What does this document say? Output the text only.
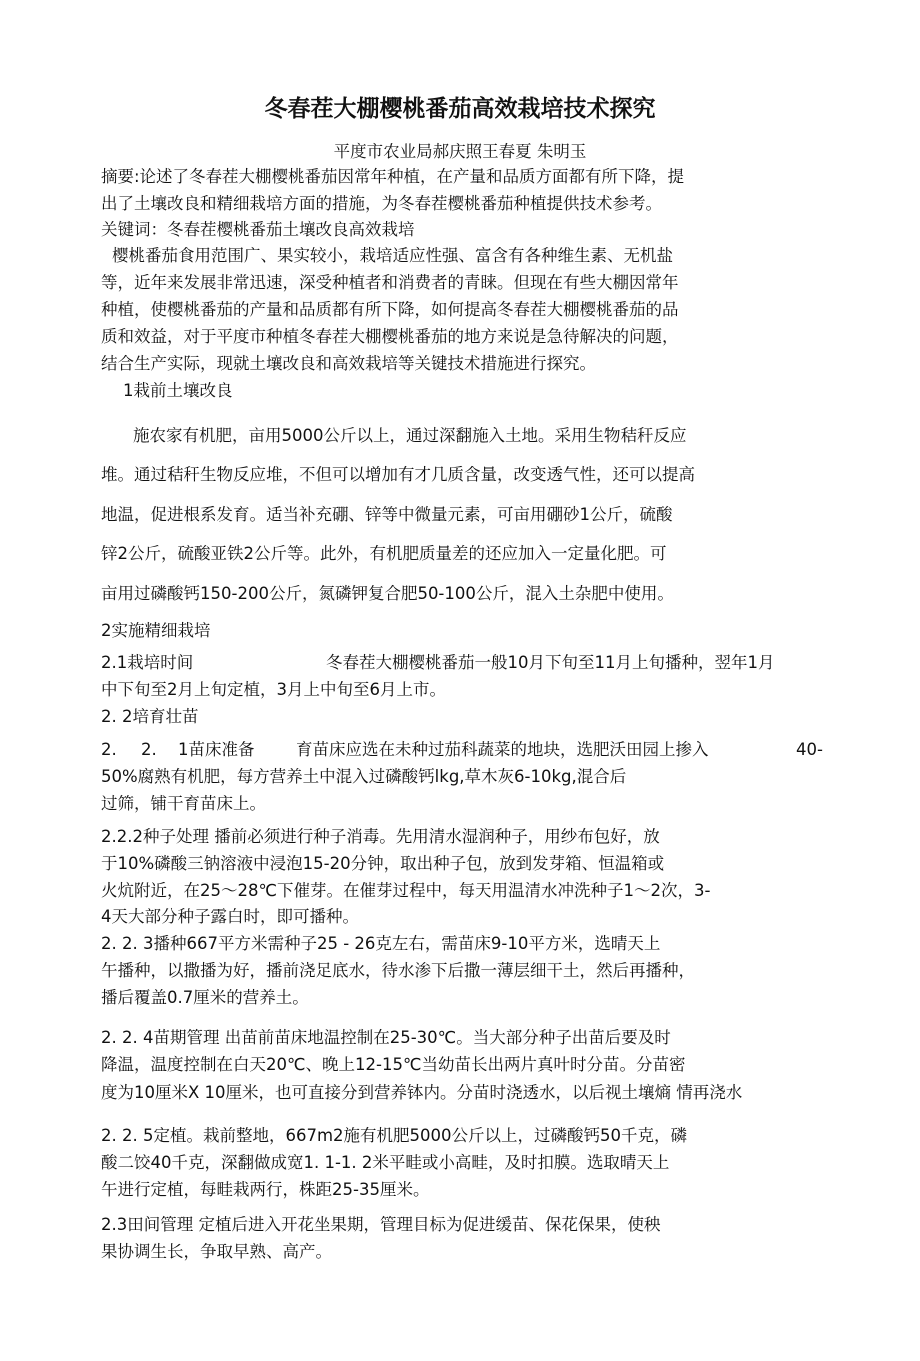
冬春茬大棚樱桃番茄高效栽培技术探究

平度市农业局郝庆照王春夏 朱明玉

摘要:论述了冬春茬大棚樱桃番茄因常年种植，在产量和品质方面都有所下降，提

出了土壤改良和精细栽培方面的措施，为冬春茬樱桃番茄种植提供技术参考。

关键词：冬春茬樱桃番茄土壤改良高效栽培

樱桃番茄食用范围广、果实较小，栽培适应性强、富含有各种维生素、无机盐

等，近年来发展非常迅速，深受种植者和消费者的青睐。但现在有些大棚因常年

种植，使樱桃番茄的产量和品质都有所下降，如何提高冬春茬大棚樱桃番茄的品

质和效益，对于平度市种植冬春茬大棚樱桃番茄的地方来说是急待解决的问题，

结合生产实际，现就土壤改良和高效栽培等关键技术措施进行探究。

1栽前土壤改良

施农家有机肥，亩用5000公斤以上，通过深翻施入土地。采用生物秸秆反应

堆。通过秸秆生物反应堆，不但可以增加有才几质含量，改变透气性，还可以提高

地温，促进根系发育。适当补充硼、锌等中微量元素，可亩用硼砂1公斤，硫酸

锌2公斤，硫酸亚铁2公斤等。此外，有机肥质量差的还应加入一定量化肥。可

亩用过磷酸钙150-200公斤，氮磷钾复合肥50-100公斤，混入土杂肥中使用。

2实施精细栽培

2.1栽培时间	冬春茬大棚樱桃番茄一般10月下旬至11月上旬播种，翌年1月

中下旬至2月上旬定植，3月上中旬至6月上市。

2. 2培育壮苗

2. 2. 1苗床准备	育苗床应选在未种过茄科蔬菜的地块，选肥沃田园上掺入	40-

50%腐熟有机肥，每方营养土中混入过磷酸钙lkg,草木灰6-10kg,混合后

过筛，铺干育苗床上。

2.2.2种子处理 播前必须进行种子消毒。先用清水湿润种子，用纱布包好，放

于10%磷酸三钠溶液中浸泡15-20分钟，取出种子包，放到发芽箱、恒温箱或

火炕附近，在25～28℃下催芽。在催芽过程中，每天用温清水冲洗种子1～2次，3-

4天大部分种子露白时，即可播种。

2. 2. 3播种667平方米需种子25 - 26克左右，需苗床9-10平方米，选晴天上

午播种，以撒播为好，播前浇足底水，待水渗下后撒一薄层细干土，然后再播种，

播后覆盖0.7厘米的营养土。

2. 2. 4苗期管理 出苗前苗床地温控制在25-30℃。当大部分种子出苗后要及时

降温，温度控制在白天20℃、晚上12-15℃当幼苗长出两片真叶时分苗。分苗密

度为10厘米X 10厘米，也可直接分到营养钵内。分苗时浇透水，以后视土壤熵 情再浇水

2. 2. 5定植。栽前整地，667m2施有机肥5000公斤以上，过磷酸钙50千克，磷

酸二饺40千克，深翻做成宽1. 1-1. 2米平畦或小高畦，及时扣膜。选取晴天上

午进行定植，每畦栽两行，株距25-35厘米。

2.3田间管理 定植后进入开花坐果期，管理目标为促进缓苗、保花保果，使秧

果协调生长，争取早熟、高产。
